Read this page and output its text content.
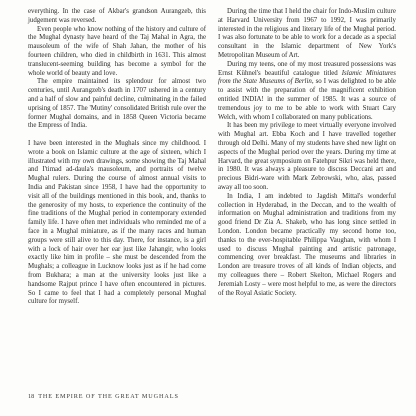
everything. In the case of Akbar's grandson Aurangzeb, this judgement was reversed.

Even people who know nothing of the history and culture of the Mughal dynasty have heard of the Taj Mahal in Agra, the mausoleum of the wife of Shah Jahan, the mother of his fourteen children, who died in childbirth in 1631. This almost translucent-seeming building has become a symbol for the whole world of beauty and love.

The empire maintained its splendour for almost two centuries, until Aurangzeb's death in 1707 ushered in a century and a half of slow and painful decline, culminating in the failed uprising of 1857. The 'Mutiny' consolidated British rule over the former Mughal domains, and in 1858 Queen Victoria became the Empress of India.

I have been interested in the Mughals since my childhood. I wrote a book on Islamic culture at the age of sixteen, which I illustrated with my own drawings, some showing the Taj Mahal and I'timad ad-daula's mausoleum, and portraits of twelve Mughal rulers. During the course of almost annual visits to India and Pakistan since 1958, I have had the opportunity to visit all of the buildings mentioned in this book, and, thanks to the generosity of my hosts, to experience the continuity of the fine traditions of the Mughal period in contemporary extended family life. I have often met individuals who reminded me of a face in a Mughal miniature, as if the many races and human groups were still alive to this day. There, for instance, is a girl with a lock of hair over her ear just like Jahangir, who looks exactly like him in profile – she must be descended from the Mughals; a colleague in Lucknow looks just as if he had come from Bukhara; a man at the university looks just like a handsome Rajput prince I have often encountered in pictures. So I came to feel that I had a completely personal Mughal culture for myself.

During the time that I held the chair for Indo-Muslim culture at Harvard University from 1967 to 1992, I was primarily interested in the religious and literary life of the Mughal period. I was also fortunate to be able to work for a decade as a special consultant in the Islamic department of New York's Metropolitan Museum of Art.

During my teens, one of my most treasured possessions was Ernst Kühnel's beautiful catalogue titled Islamic Miniatures from the State Museums of Berlin, so I was delighted to be able to assist with the preparation of the magnificent exhibition entitled INDIA! in the summer of 1985. It was a source of tremendous joy to me to be able to work with Stuart Cary Welch, with whom I collaborated on many publications.

It has been my privilege to meet virtually everyone involved with Mughal art. Ebba Koch and I have travelled together through old Delhi. Many of my students have shed new light on aspects of the Mughal period over the years. During my time at Harvard, the great symposium on Fatehpur Sikri was held there, in 1980. It was always a pleasure to discuss Deccani art and precious Bidri-ware with Mark Zebrowski, who, alas, passed away all too soon.

In India, I am indebted to Jagdish Mittal's wonderful collection in Hyderabad, in the Deccan, and to the wealth of information on Mughal administration and traditions from my good friend Dr Zia A. Shakeb, who has long since settled in London. London became practically my second home too, thanks to the ever-hospitable Philippa Vaughan, with whom I used to discuss Mughal painting and artistic patronage, commencing over breakfast. The museums and libraries in London are treasure troves of all kinds of Indian objects, and my colleagues there – Robert Skelton, Michael Rogers and Jeremiah Losty – were most helpful to me, as were the directors of the Royal Asiatic Society.

18 THE EMPIRE OF THE GREAT MUGHALS
